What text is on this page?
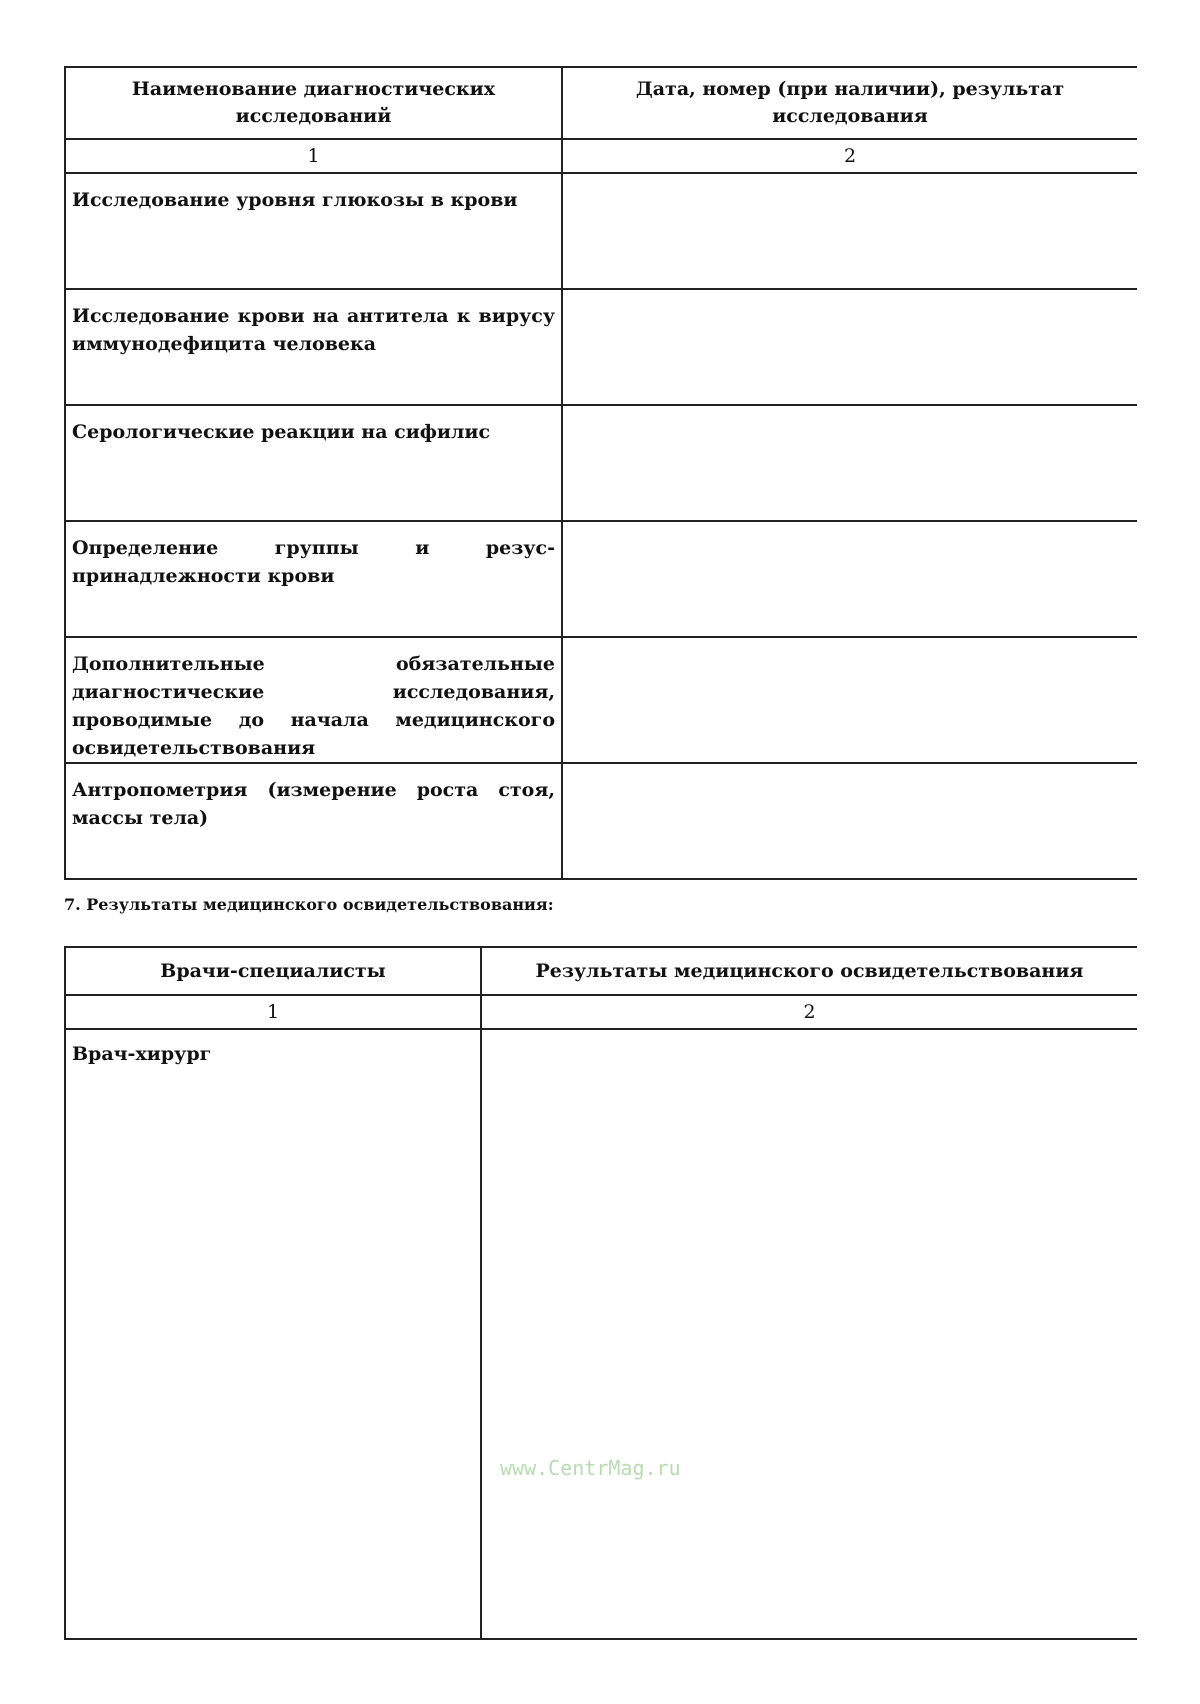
Наименование диагностических исследований	Дата, номер (при наличии), результат исследования

1	2

Исследование уровня глюкозы в крови	

Исследование крови на антитела к вирусу иммунодефицита человека	

Серологические реакции на сифилис	

Определение группы и резус-принадлежности крови	

Дополнительные обязательные диагностические исследования, проводимые до начала медицинского освидетельствования	

Антропометрия (измерение роста стоя, массы тела)	

7. Результаты медицинского освидетельствования:
Врачи-специалисты	Результаты медицинского освидетельствования

1	2

Врач-хирург	

www.CentrMag.ru
